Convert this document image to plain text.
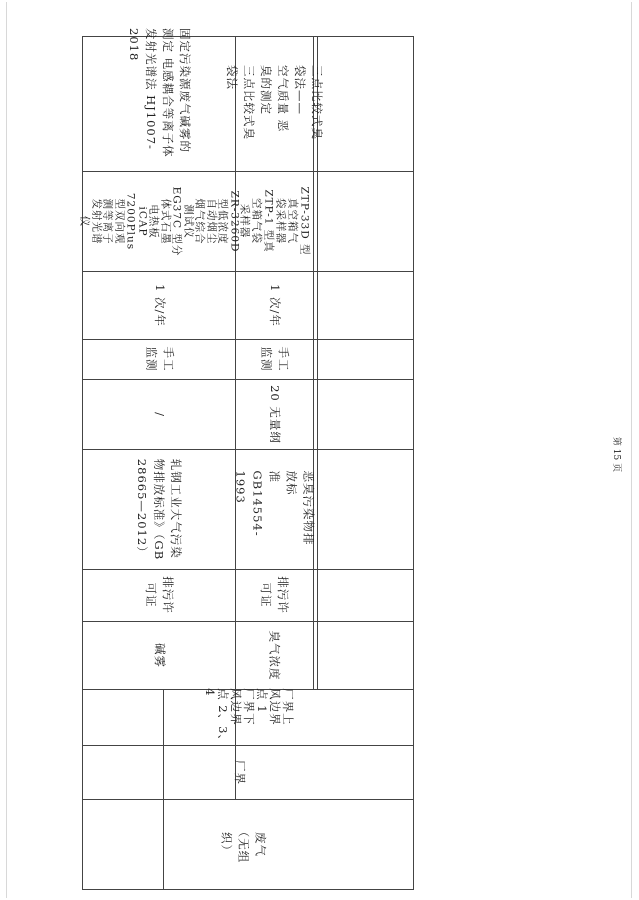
固定污染源废气碱雾的
测定 电感耦合等离子体
发射光谱法 HJ1007-2018
ZR-3260D
型低浓度
自动烟尘
烟气综合
测试仪
EG37C 型分
体式石墨
电热板
iCAP
7200Plus
型双向观
测等离子
发射光谱
仪
1 次/年
手工
监测
/
轧钢工业大气污染
物排放标准》（GB
28665—2012）
排污许
可证
碱雾
三点比较式臭袋法——
空气质量 恶臭的测定
三点比较式臭袋法
ZTP-33D 型
真空箱气
袋采样器
ZTP-1 型真
空箱气袋
采样器
1 次/年
手工
监测
20 无量纲
恶臭污染物排放标
准 GB14554-1993
排污许
可证
臭气浓度
厂界上
风边界
点 1
厂界下
风边界
点 2、3、
4
厂界
废气
（无组
织）
第 15 页
